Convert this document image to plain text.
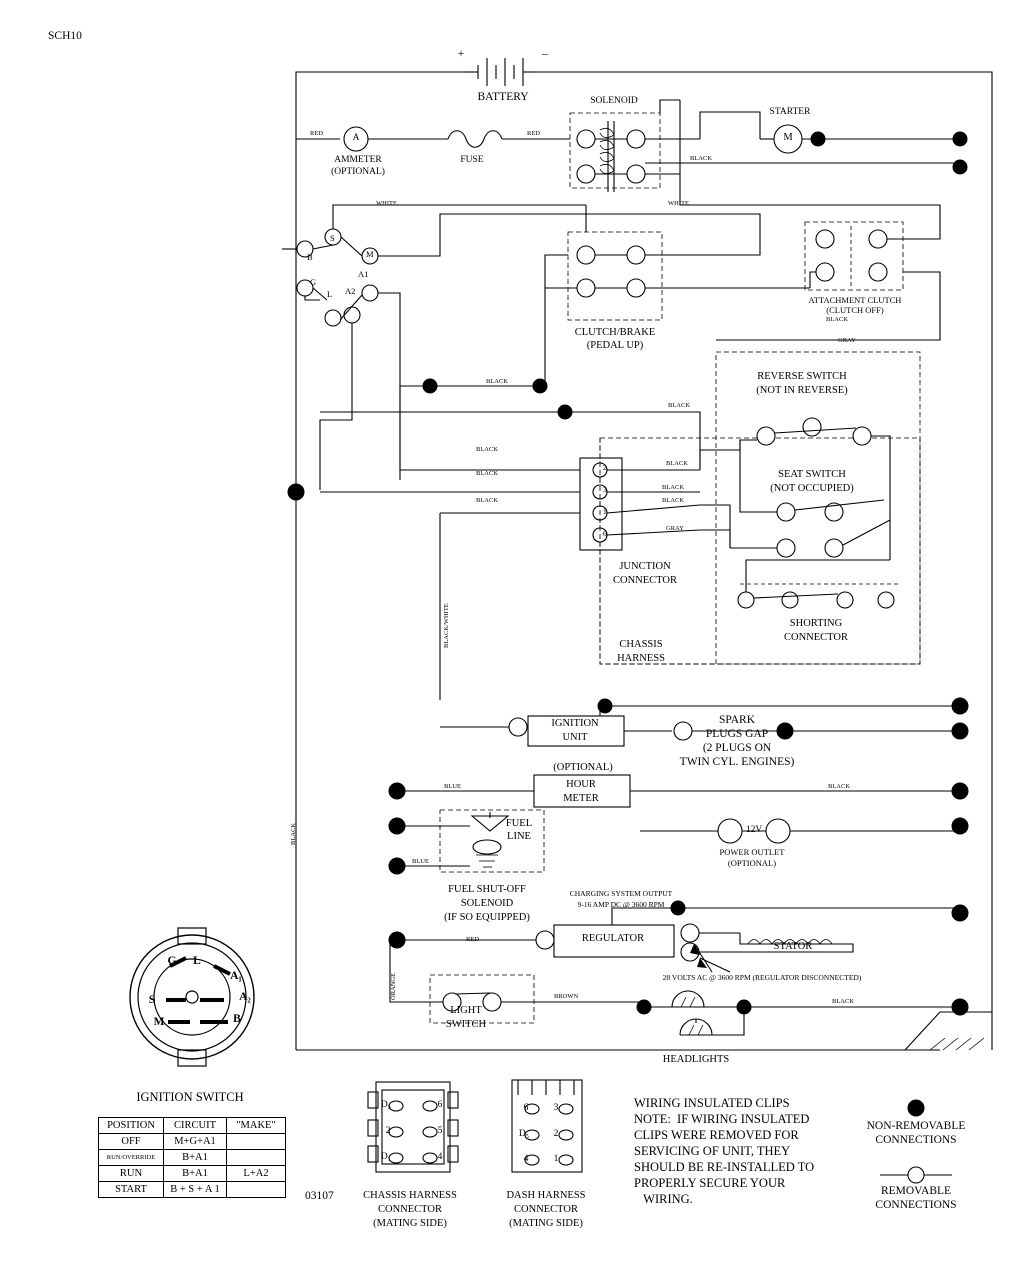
SCH10
+	–
BATTERY
A
AMMETER
(OPTIONAL)
FUSE
RED	RED
BLACK
SOLENOID
STARTER
M
WHITE	WHITE
S
M
A1
G
L A2
B
CLUTCH/BRAKE
(PEDAL UP)
ATTACHMENT CLUTCH
(CLUTCH OFF)
BLACK
GRAY
REVERSE SWITCH
(NOT IN REVERSE)
SEAT SWITCH
(NOT OCCUPIED)
BLACK
BLACK
BLACK
BLACK
BLACK
BLACK
BLACK
BLACK
GRAY
2
3
1
6
JUNCTION
CONNECTOR
SHORTING
CONNECTOR
CHASSIS
HARNESS
BLACK/WHITE
BLACK
ORANGE
IGNITION
UNIT
SPARK
PLUGS GAP
(2 PLUGS ON
TWIN CYL. ENGINES)
(OPTIONAL)
HOUR
METER
BLUE	BLACK
12V
POWER OUTLET
(OPTIONAL)
FUEL
LINE
BLUE
FUEL SHUT-OFF
SOLENOID
(IF SO EQUIPPED)
CHARGING SYSTEM OUTPUT
9-16 AMP DC @ 3600 RPM
REGULATOR
STATOR
RED
28 VOLTS AC @ 3600 RPM (REGULATOR DISCONNECTED)
LIGHT
SWITCH
BROWN
BLACK
HEADLIGHTS
G L
A₁
S	A₂
M	B
IGNITION SWITCH
POSITION	CIRCUIT	"MAKE"
OFF	M+G+A1	
RUN/OVERRIDE	B+A1	
RUN	B+A1	L+A2
START	B + S + A 1	
03107
D₃	6
2	5
D₁	4
CHASSIS HARNESS
CONNECTOR
(MATING SIDE)
6	3
D₅	2
4	1
DASH HARNESS
CONNECTOR
(MATING SIDE)
WIRING INSULATED CLIPS
NOTE:  IF WIRING INSULATED
CLIPS WERE REMOVED FOR
SERVICING OF UNIT, THEY
SHOULD BE RE-INSTALLED TO
PROPERLY SECURE YOUR
WIRING.
NON-REMOVABLE
CONNECTIONS
REMOVABLE
CONNECTIONS
